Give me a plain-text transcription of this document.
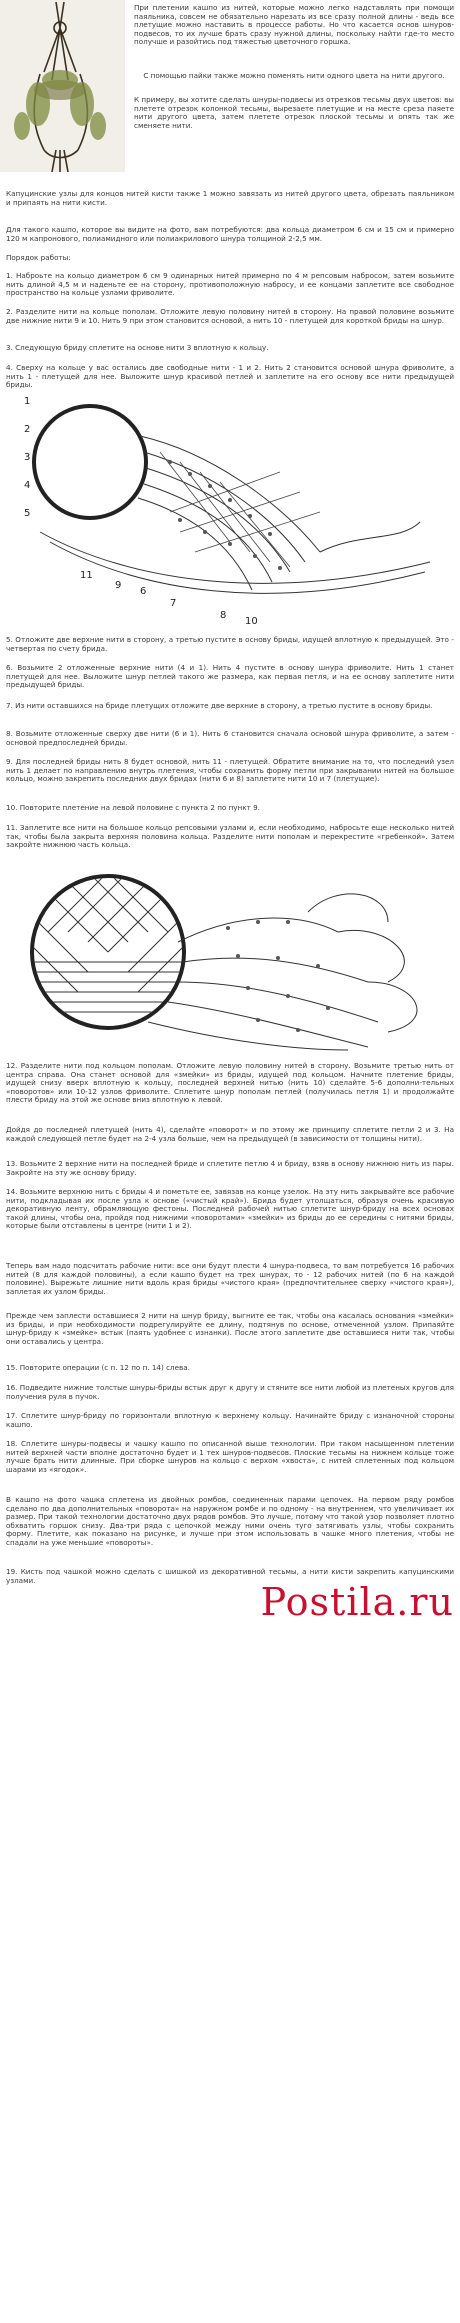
При плетении кашпо из нитей, которые можно легко надставлять при помощи паяльника, совсем не обязательно нарезать из все сразу полной длины - ведь все плетущие можно наставить в процессе работы. Но что касается основ шнуров-подвесов, то их лучше брать сразу нужной длины, поскольку найти где-то место получше и разойтись под тяжестью цветочного горшка.
С помощью пайки также можно поменять нити одного цвета на нити другого.
К примеру, вы хотите сделать шнуры-подвесы из отрезков тесьмы двух цветов: вы плетете отрезок колонкой тесьмы, вырезаете плетущие и на месте среза паяете нити другого цвета, затем плетете отрезок плоской тесьмы и опять так же сменяете нити.
Капуцинские узлы для концов нитей кисти также 1 можно завязать из нитей другого цвета, обрезать паяльником и припаять на нити кисти.
Для такого кашпо, которое вы видите на фото, вам потребуются: два кольца диаметром 6 см и 15 см и примерно 120 м капронового, полиамидного или полиакрилового шнура толщиной 2-2,5 мм.
Порядок работы:
1. Наброьте на кольцо диаметром 6 см 9 одинарных нитей примерно по 4 м репсовым набросом, затем возьмите нить длиной 4,5 м и наденьте ее на сторону, противоположную набросу, и ее концами заплетите все свободное пространство на кольце узлами фриволите.
2. Разделите нити на кольце пополам. Отложите левую половину нитей в сторону. На правой половине возьмите две нижние нити 9 и 10. Нить 9 при этом становится основой, а нить 10 - плетущей для короткой бриды на шнур.
3. Следующую бриду сплетите на основе нити 3 вплотную к кольцу.
4. Сверху на кольце у вас остались две свободные нити - 1 и 2. Нить 2 становится основой шнура фриволите, а нить 1 - плетущей для нее. Выложите шнур красивой петлей и заплетите на его основу все нити предыдущей бриды.
1
2
3
4
5
6
7
8
9
10
11
5. Отложите две верхние нити в сторону, а третью пустите в основу бриды, идущей вплотную к предыдущей. Это - четвертая по счету брида.
6. Возьмите 2 отложенные верхние нити (4 и 1). Нить 4 пустите в основу шнура фриволите. Нить 1 станет плетущей для нее. Выложите шнур петлей такого же размера, как первая петля, и на ее основу заплетите нити предыдущей бриды.
7. Из нити оставшихся на бриде плетущих отложите две верхние в сторону, а третью пустите в основу бриды.
8. Возьмите отложенные сверху две нити (6 и 1). Нить 6 становится сначала основой шнура фриволите, а затем - основой предпоследней бриды.
9. Для последней бриды нить 8 будет основой, нить 11 - плетущей. Обратите внимание на то, что последний узел нить 1 делает по направлению внутрь плетения, чтобы сохранить форму петли при закрывании нитей на большое кольцо, можно закрепить последних двух бридах (нити 6 и 8) заплетите нити 10 и 7 (плетущие).
10. Повторите плетение на левой половине с пункта 2 по пункт 9.
11. Заплетите все нити на большое кольцо репсовыми узлами и, если необходимо, набросьте еще несколько нитей так, чтобы была закрыта верхняя половина кольца. Разделите нити пополам и перекрестите «гребенкой». Затем закройте нижнюю часть кольца.
12. Разделите нити под кольцом пополам. Отложите левую половину нитей в сторону. Возьмите третью нить от центра справа. Она станет основой для «змейки» из бриды, идущей под кольцом. Начните плетение бриды, идущей снизу вверх вплотную к кольцу, последней верхней нитью (нить 10) сделайте 5-6 дополни-тельных «поворотов» или 10-12 узлов фриволите. Сплетите шнур пополам петлей (получилась петля 1) и продолжайте плести бриду на этой же основе вниз вплотную к левой.
Дойдя до последней плетущей (нить 4), сделайте «поворот» и по этому же принципу сплетите петли 2 и 3. На каждой следующей петле будет на 2-4 узла больше, чем на предыдущей (в зависимости от толщины нити).
13. Возьмите 2 верхние нити на последней бриде и сплетите петлю 4 и бриду, взяв в основу нижнюю нить из пары. Закройте на эту же основу бриду.
14. Возьмите верхнюю нить с бриды 4 и пометьте ее, завязав на конце узелок. На эту нить закрывайте все рабочие нити, подкладывая их после узла к основе («чистый край»). Брида будет утолщаться, образуя очень красивую декоративную ленту, обрамляющую фестоны. Последней рабочей нитью сплетите шнур-бриду на всех основах такой длины, чтобы она, пройдя под нижними «поворотами» «змейки» из бриды до ее середины с нитями бриды, которые были отставлены в центре (нити 1 и 2).
Теперь вам надо подсчитать рабочие нити: все они будут плести 4 шнура-подвеса, то вам потребуется 16 рабочих нитей (8 для каждой половины), а если кашпо будет на трех шнурах, то - 12 рабочих нитей (по 6 на каждой половине). Вырежьте лишние нити вдоль края бриды «чистого края» (предпочтительнее сверху «чистого края»), заплетая их узлом бриды.
Прежде чем заплести оставшиеся 2 нити на шнур бриду, выгните ее так, чтобы она касалась основания «змейки» из бриды, и при необходимости подрегулируйте ее длину, подтянув по основе, отмеченной узлом. Припаяйте шнур-бриду к «змейке» встык (паять удобнее с изнанки). После этого заплетите две оставшиеся нити так, чтобы они оставались у центра.
15. Повторите операции (с п. 12 по п. 14) слева.
16. Подведите нижние толстые шнуры-бриды встык друг к другу и стяните все нити любой из плетеных кругов для получения руля в пучок.
17. Сплетите шнур-бриду по горизонтали вплотную к верхнему кольцу. Начинайте бриду с изнаночной стороны кашпо.
18. Сплетите шнуры-подвесы и чашку кашпо по описанной выше технологии. При таком насыщенном плетении нитей верхней части вполне достаточно будет и 1 тех шнуров-подвесов. Плоские тесьмы на нижнем кольце тоже лучше брать нити длинные. При сборке шнуров на кольцо с верхом «хвоста», с нитей сплетенных под кольцом шарами из «ягодок».
В кашпо на фото чашка сплетена из двойных ромбов, соединенных парами цепочек. На первом ряду ромбов сделано по два дополнительных «поворота» на наружном ромбе и по одному - на внутреннем, что увеличивает их размер. При такой технологии достаточно двух рядов ромбов. Это лучше, потому что такой узор позволяет плотно обхватить горшок снизу. Два-три ряда с цепочкой между ними очень туго затягивать узлы, чтобы сохранить форму. Плетите, как показано на рисунке, и лучше при этом использовать в чашке много плетения, чтобы не спадали на уже меньшие «повороты».
19. Кисть под чашкой можно сделать с шишкой из декоративной тесьмы, а нити кисти закрепить капуцинскими узлами.	Postila.ru
